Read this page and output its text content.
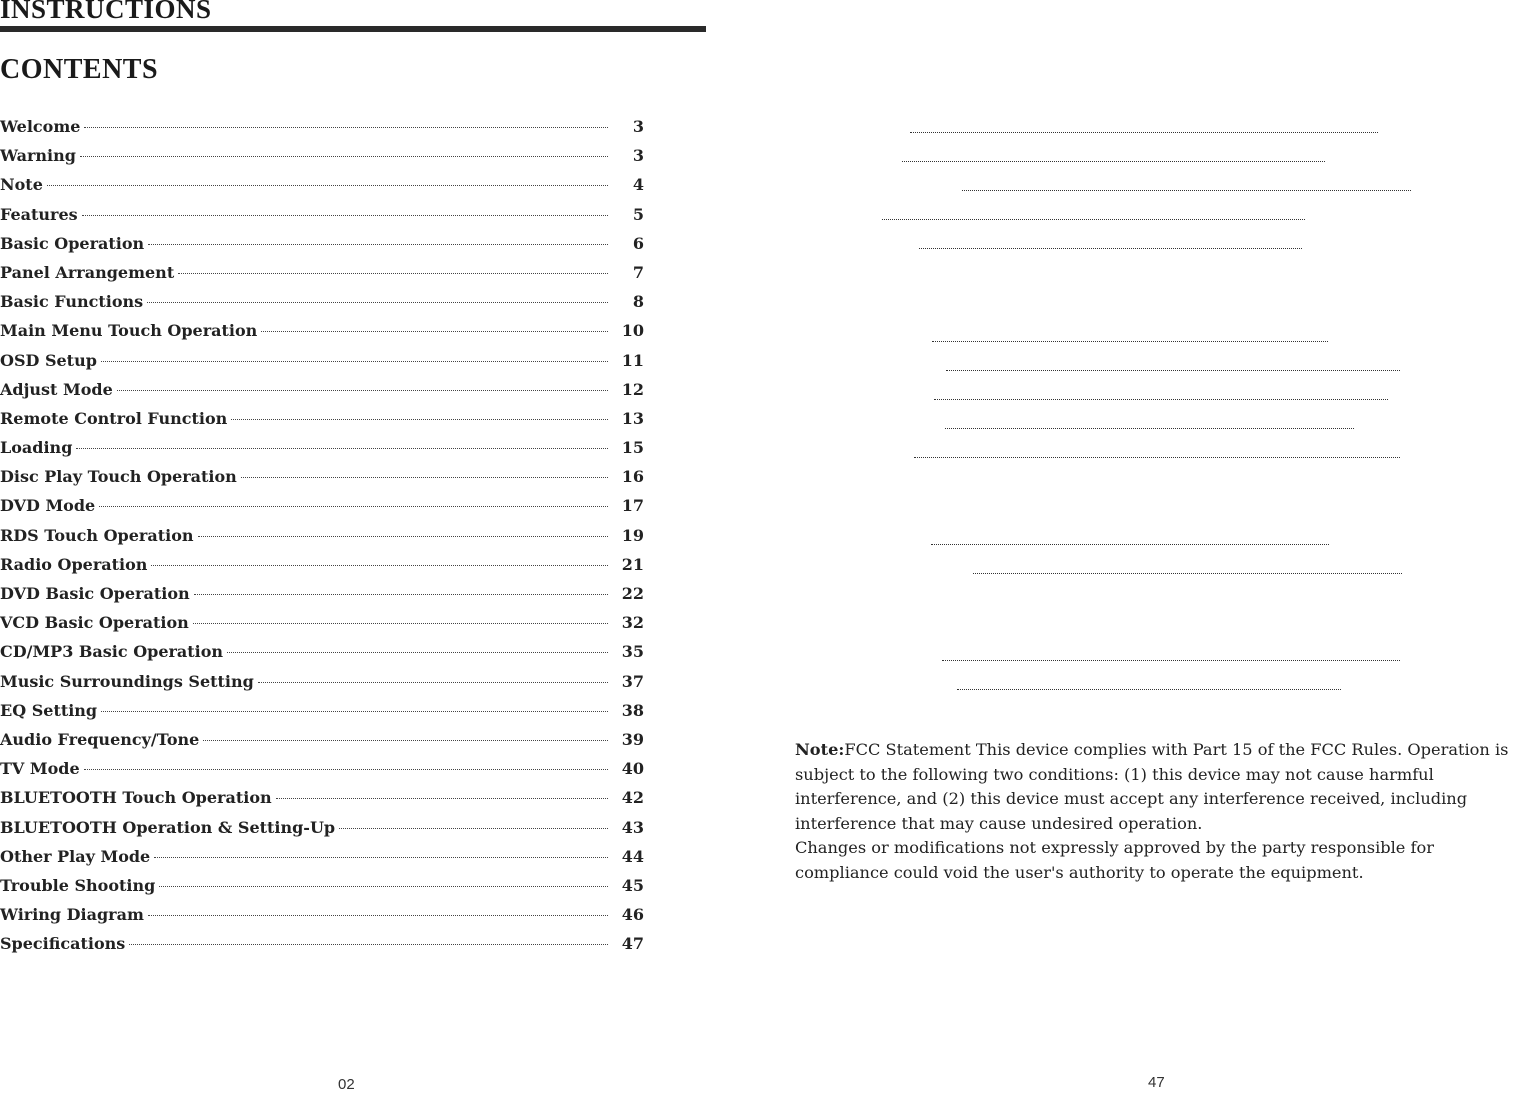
INSTRUCTIONS
CONTENTS
Welcome	3
Warning	3
Note	4
Features	5
Basic Operation	6
Panel Arrangement	7
Basic Functions	8
Main Menu Touch Operation	10
OSD Setup	11
Adjust Mode	12
Remote Control Function	13
Loading	15
Disc Play Touch Operation	16
DVD Mode	17
RDS Touch Operation	19
Radio Operation	21
DVD Basic Operation	22
VCD Basic Operation	32
CD/MP3 Basic Operation	35
Music Surroundings Setting	37
EQ Setting	38
Audio Frequency/Tone	39
TV Mode	40
BLUETOOTH Touch Operation	42
BLUETOOTH Operation & Setting-Up	43
Other Play Mode	44
Trouble Shooting	45
Wiring Diagram	46
Specifications	47

Note:FCC Statement This device complies with Part 15 of the FCC Rules. Operation is subject to the following two conditions: (1) this device may not cause harmful interference, and (2) this device must accept any interference received, including interference that may cause undesired operation.

Changes or modifications not expressly approved by the party responsible for compliance could void the user's authority to operate the equipment.

02	47
